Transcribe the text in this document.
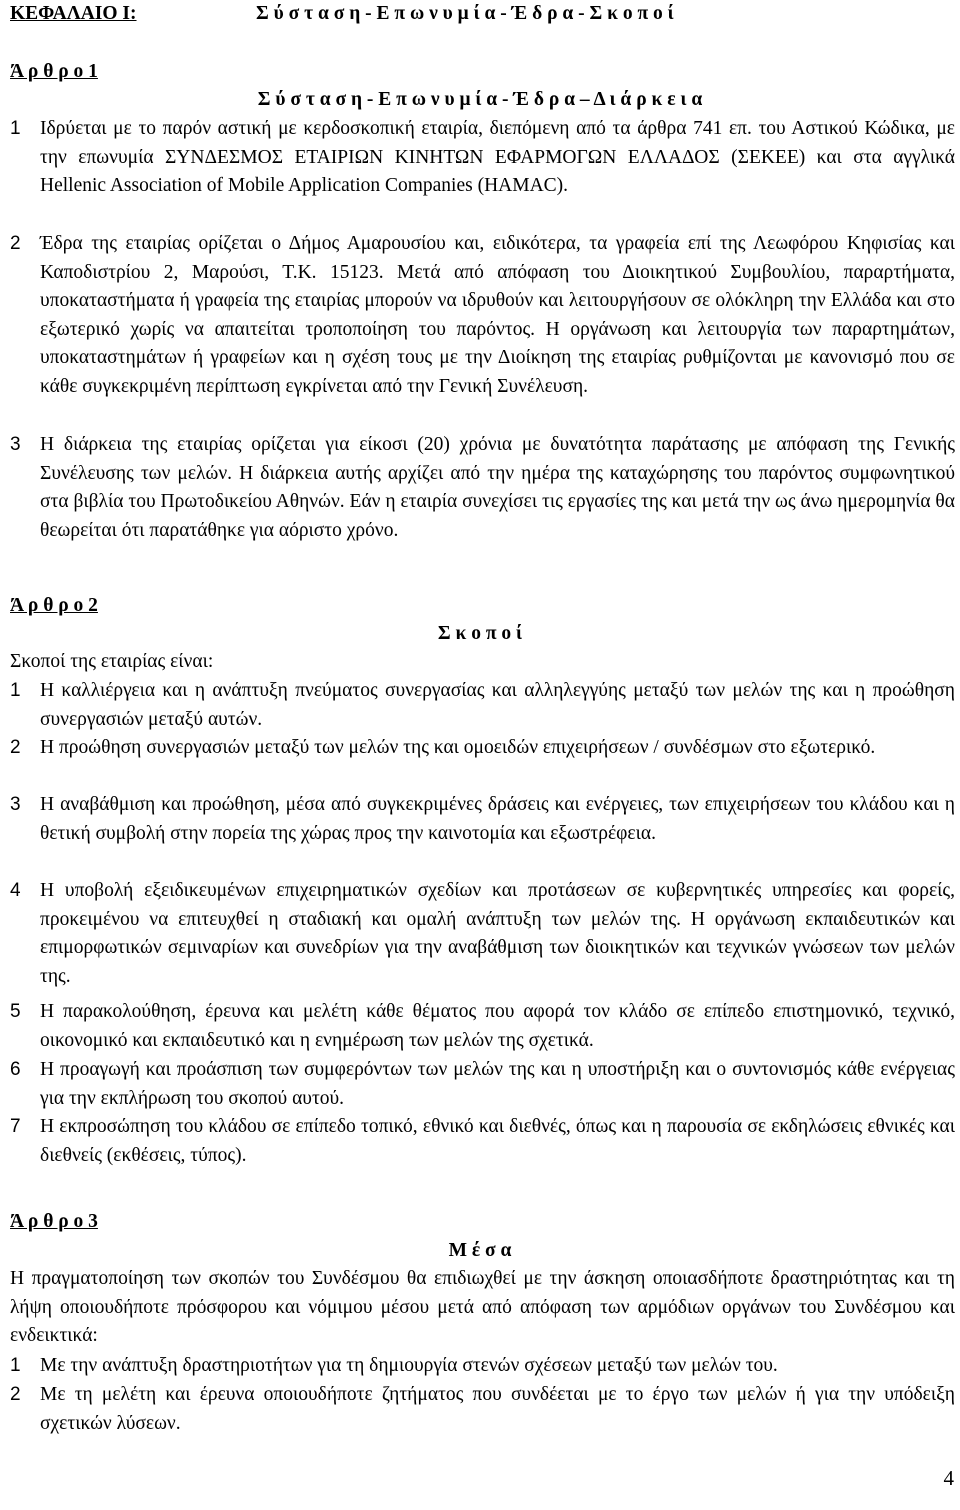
ΚΕΦΑΛΑΙΟ Ι:	Σ ύ σ τ α σ η - Ε π ω ν υ μ ί α - Έ δ ρ α - Σ κ ο π ο ί
Ά ρ θ ρ ο 1
Σ ύ σ τ α σ η - Ε π ω ν υ μ ί α - Έ δ ρ α – Δ ι ά ρ κ ε ι α
1 Ιδρύεται με το παρόν αστική με κερδοσκοπική εταιρία, διεπόμενη από τα άρθρα 741 επ. του Αστικού Κώδικα, με την επωνυμία ΣΥΝΔΕΣΜΟΣ ΕΤΑΙΡΙΩΝ ΚΙΝΗΤΩΝ ΕΦΑΡΜΟΓΩΝ ΕΛΛΑΔΟΣ (ΣΕΚΕΕ) και στα αγγλικά Hellenic Association of Mobile Application Companies (HAMAC).
2 Έδρα της εταιρίας ορίζεται ο Δήμος Αμαρουσίου και, ειδικότερα, τα γραφεία επί της Λεωφόρου Κηφισίας και Καποδιστρίου 2, Μαρούσι, Τ.Κ. 15123. Μετά από απόφαση του Διοικητικού Συμβουλίου, παραρτήματα, υποκαταστήματα ή γραφεία της εταιρίας μπορούν να ιδρυθούν και λειτουργήσουν σε ολόκληρη την Ελλάδα και στο εξωτερικό χωρίς να απαιτείται τροποποίηση του παρόντος. Η οργάνωση και λειτουργία των παραρτημάτων, υποκαταστημάτων ή γραφείων και η σχέση τους με την Διοίκηση της εταιρίας ρυθμίζονται με κανονισμό που σε κάθε συγκεκριμένη περίπτωση εγκρίνεται από την Γενική Συνέλευση.
3 Η διάρκεια της εταιρίας ορίζεται για είκοσι (20) χρόνια με δυνατότητα παράτασης με απόφαση της Γενικής Συνέλευσης των μελών. Η διάρκεια αυτής αρχίζει από την ημέρα της καταχώρησης του παρόντος συμφωνητικού στα βιβλία του Πρωτοδικείου Αθηνών. Εάν η εταιρία συνεχίσει τις εργασίες της και μετά την ως άνω ημερομηνία θα θεωρείται ότι παρατάθηκε για αόριστο χρόνο.
Ά ρ θ ρ ο 2
Σ κ ο π ο ί
Σκοποί της εταιρίας είναι:
1 Η καλλιέργεια και η ανάπτυξη πνεύματος συνεργασίας και αλληλεγγύης μεταξύ των μελών της και η προώθηση συνεργασιών μεταξύ αυτών.
2 Η προώθηση συνεργασιών μεταξύ των μελών της και ομοειδών επιχειρήσεων / συνδέσμων στο εξωτερικό.
3 Η αναβάθμιση και προώθηση, μέσα από συγκεκριμένες δράσεις και ενέργειες, των επιχειρήσεων του κλάδου και η θετική συμβολή στην πορεία της χώρας προς την καινοτομία και εξωστρέφεια.
4 Η υποβολή εξειδικευμένων επιχειρηματικών σχεδίων και προτάσεων σε κυβερνητικές υπηρεσίες και φορείς, προκειμένου να επιτευχθεί η σταδιακή και ομαλή ανάπτυξη των μελών της. Η οργάνωση εκπαιδευτικών και επιμορφωτικών σεμιναρίων και συνεδρίων για την αναβάθμιση των διοικητικών και τεχνικών γνώσεων των μελών της.
5 Η παρακολούθηση, έρευνα και μελέτη κάθε θέματος που αφορά τον κλάδο σε επίπεδο επιστημονικό, τεχνικό, οικονομικό και εκπαιδευτικό και η ενημέρωση των μελών της σχετικά.
6 Η προαγωγή και προάσπιση των συμφερόντων των μελών της και η υποστήριξη και ο συντονισμός κάθε ενέργειας για την εκπλήρωση του σκοπού αυτού.
7 Η εκπροσώπηση του κλάδου σε επίπεδο τοπικό, εθνικό και διεθνές, όπως και η παρουσία σε εκδηλώσεις εθνικές και διεθνείς (εκθέσεις, τύπος).
Ά ρ θ ρ ο 3
Μ έ σ α
Η πραγματοποίηση των σκοπών του Συνδέσμου θα επιδιωχθεί με την άσκηση οποιασδήποτε δραστηριότητας και τη λήψη οποιουδήποτε πρόσφορου και νόμιμου μέσου μετά από απόφαση των αρμόδιων οργάνων του Συνδέσμου και ενδεικτικά:
1 Με την ανάπτυξη δραστηριοτήτων για τη δημιουργία στενών σχέσεων μεταξύ των μελών του.
2 Με τη μελέτη και έρευνα οποιουδήποτε ζητήματος που συνδέεται με το έργο των μελών ή για την υπόδειξη σχετικών λύσεων.
4
